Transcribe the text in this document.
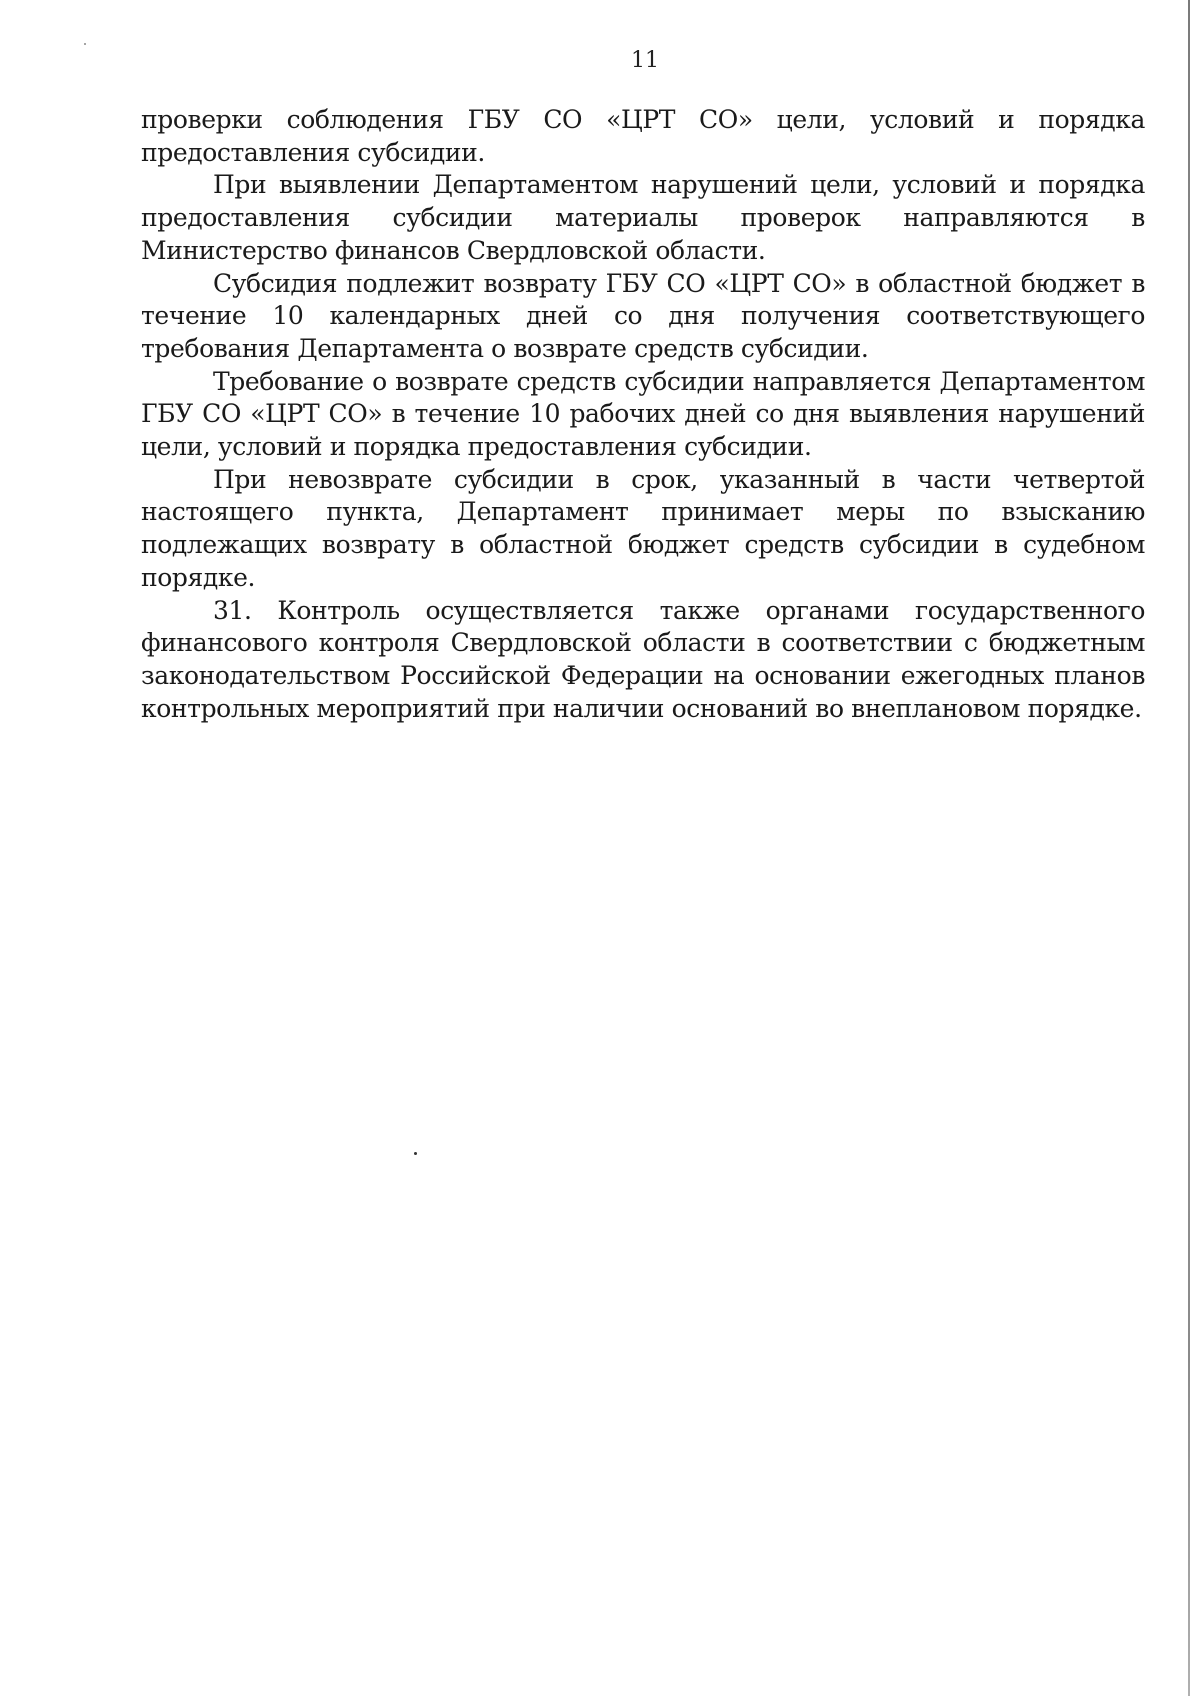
11

проверки соблюдения ГБУ СО «ЦРТ СО» цели, условий и порядка предоставления субсидии.

При выявлении Департаментом нарушений цели, условий и порядка предоставления субсидии материалы проверок направляются в Министерство финансов Свердловской области.

Субсидия подлежит возврату ГБУ СО «ЦРТ СО» в областной бюджет в течение 10 календарных дней со дня получения соответствующего требования Департамента о возврате средств субсидии.

Требование о возврате средств субсидии направляется Департаментом ГБУ СО «ЦРТ СО» в течение 10 рабочих дней со дня выявления нарушений цели, условий и порядка предоставления субсидии.

При невозврате субсидии в срок, указанный в части четвертой настоящего пункта, Департамент принимает меры по взысканию подлежащих возврату в областной бюджет средств субсидии в судебном порядке.

31. Контроль осуществляется также органами государственного финансового контроля Свердловской области в соответствии с бюджетным законодательством Российской Федерации на основании ежегодных планов контрольных мероприятий при наличии оснований во внеплановом порядке.
